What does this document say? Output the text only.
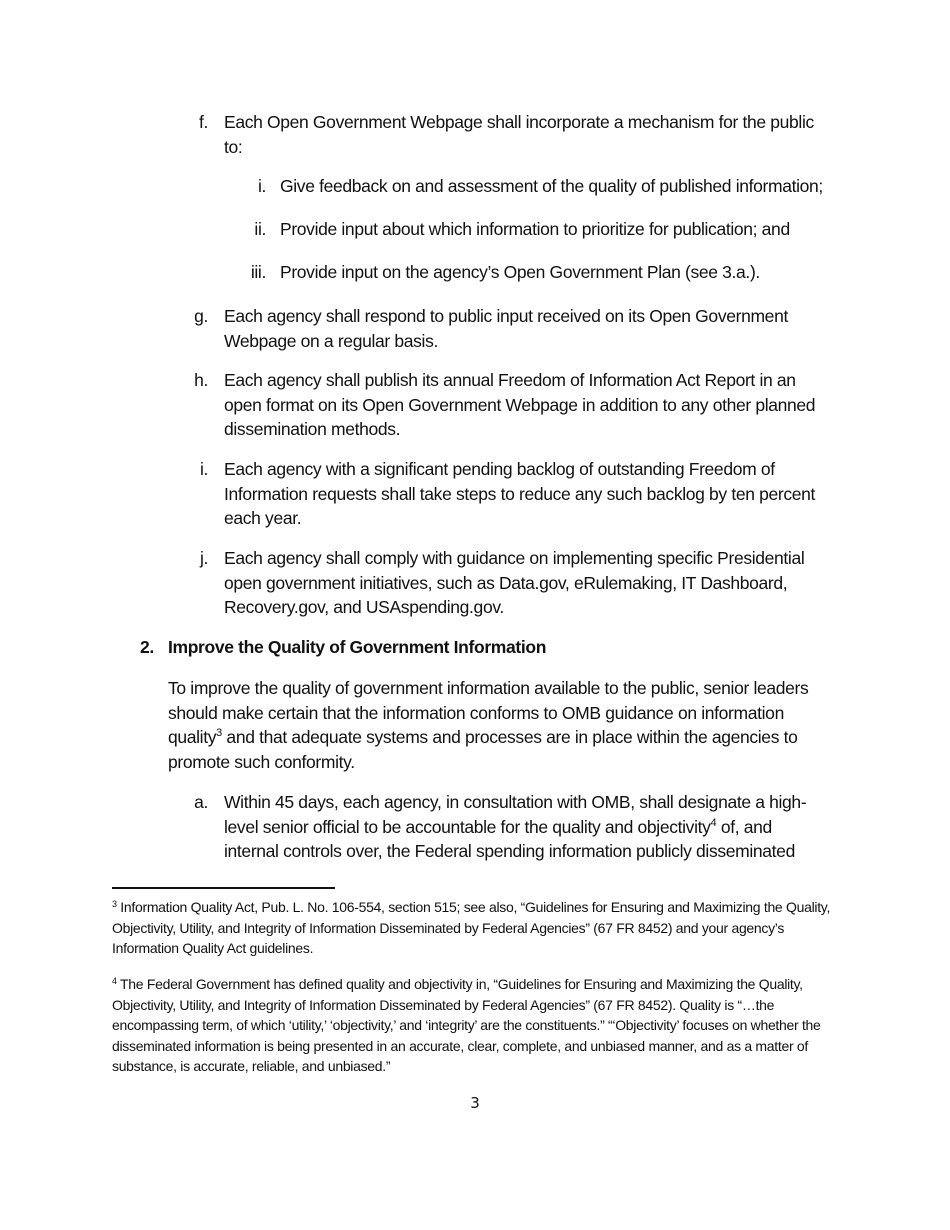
f. Each Open Government Webpage shall incorporate a mechanism for the public to:
i. Give feedback on and assessment of the quality of published information;
ii. Provide input about which information to prioritize for publication; and
iii. Provide input on the agency’s Open Government Plan (see 3.a.).
g. Each agency shall respond to public input received on its Open Government Webpage on a regular basis.
h. Each agency shall publish its annual Freedom of Information Act Report in an open format on its Open Government Webpage in addition to any other planned dissemination methods.
i. Each agency with a significant pending backlog of outstanding Freedom of Information requests shall take steps to reduce any such backlog by ten percent each year.
j. Each agency shall comply with guidance on implementing specific Presidential open government initiatives, such as Data.gov, eRulemaking, IT Dashboard, Recovery.gov, and USAspending.gov.
2. Improve the Quality of Government Information
To improve the quality of government information available to the public, senior leaders should make certain that the information conforms to OMB guidance on information quality$^3$ and that adequate systems and processes are in place within the agencies to promote such conformity.
a. Within 45 days, each agency, in consultation with OMB, shall designate a high-level senior official to be accountable for the quality and objectivity$^4$ of, and internal controls over, the Federal spending information publicly disseminated
$^3$ Information Quality Act, Pub. L. No. 106-554, section 515; see also, “Guidelines for Ensuring and Maximizing the Quality, Objectivity, Utility, and Integrity of Information Disseminated by Federal Agencies” (67 FR 8452) and your agency’s Information Quality Act guidelines.
$^4$ The Federal Government has defined quality and objectivity in, “Guidelines for Ensuring and Maximizing the Quality, Objectivity, Utility, and Integrity of Information Disseminated by Federal Agencies” (67 FR 8452). Quality is “…the encompassing term, of which ‘utility,’ ‘objectivity,’ and ‘integrity’ are the constituents.” “‘Objectivity’ focuses on whether the disseminated information is being presented in an accurate, clear, complete, and unbiased manner, and as a matter of substance, is accurate, reliable, and unbiased.”
3
